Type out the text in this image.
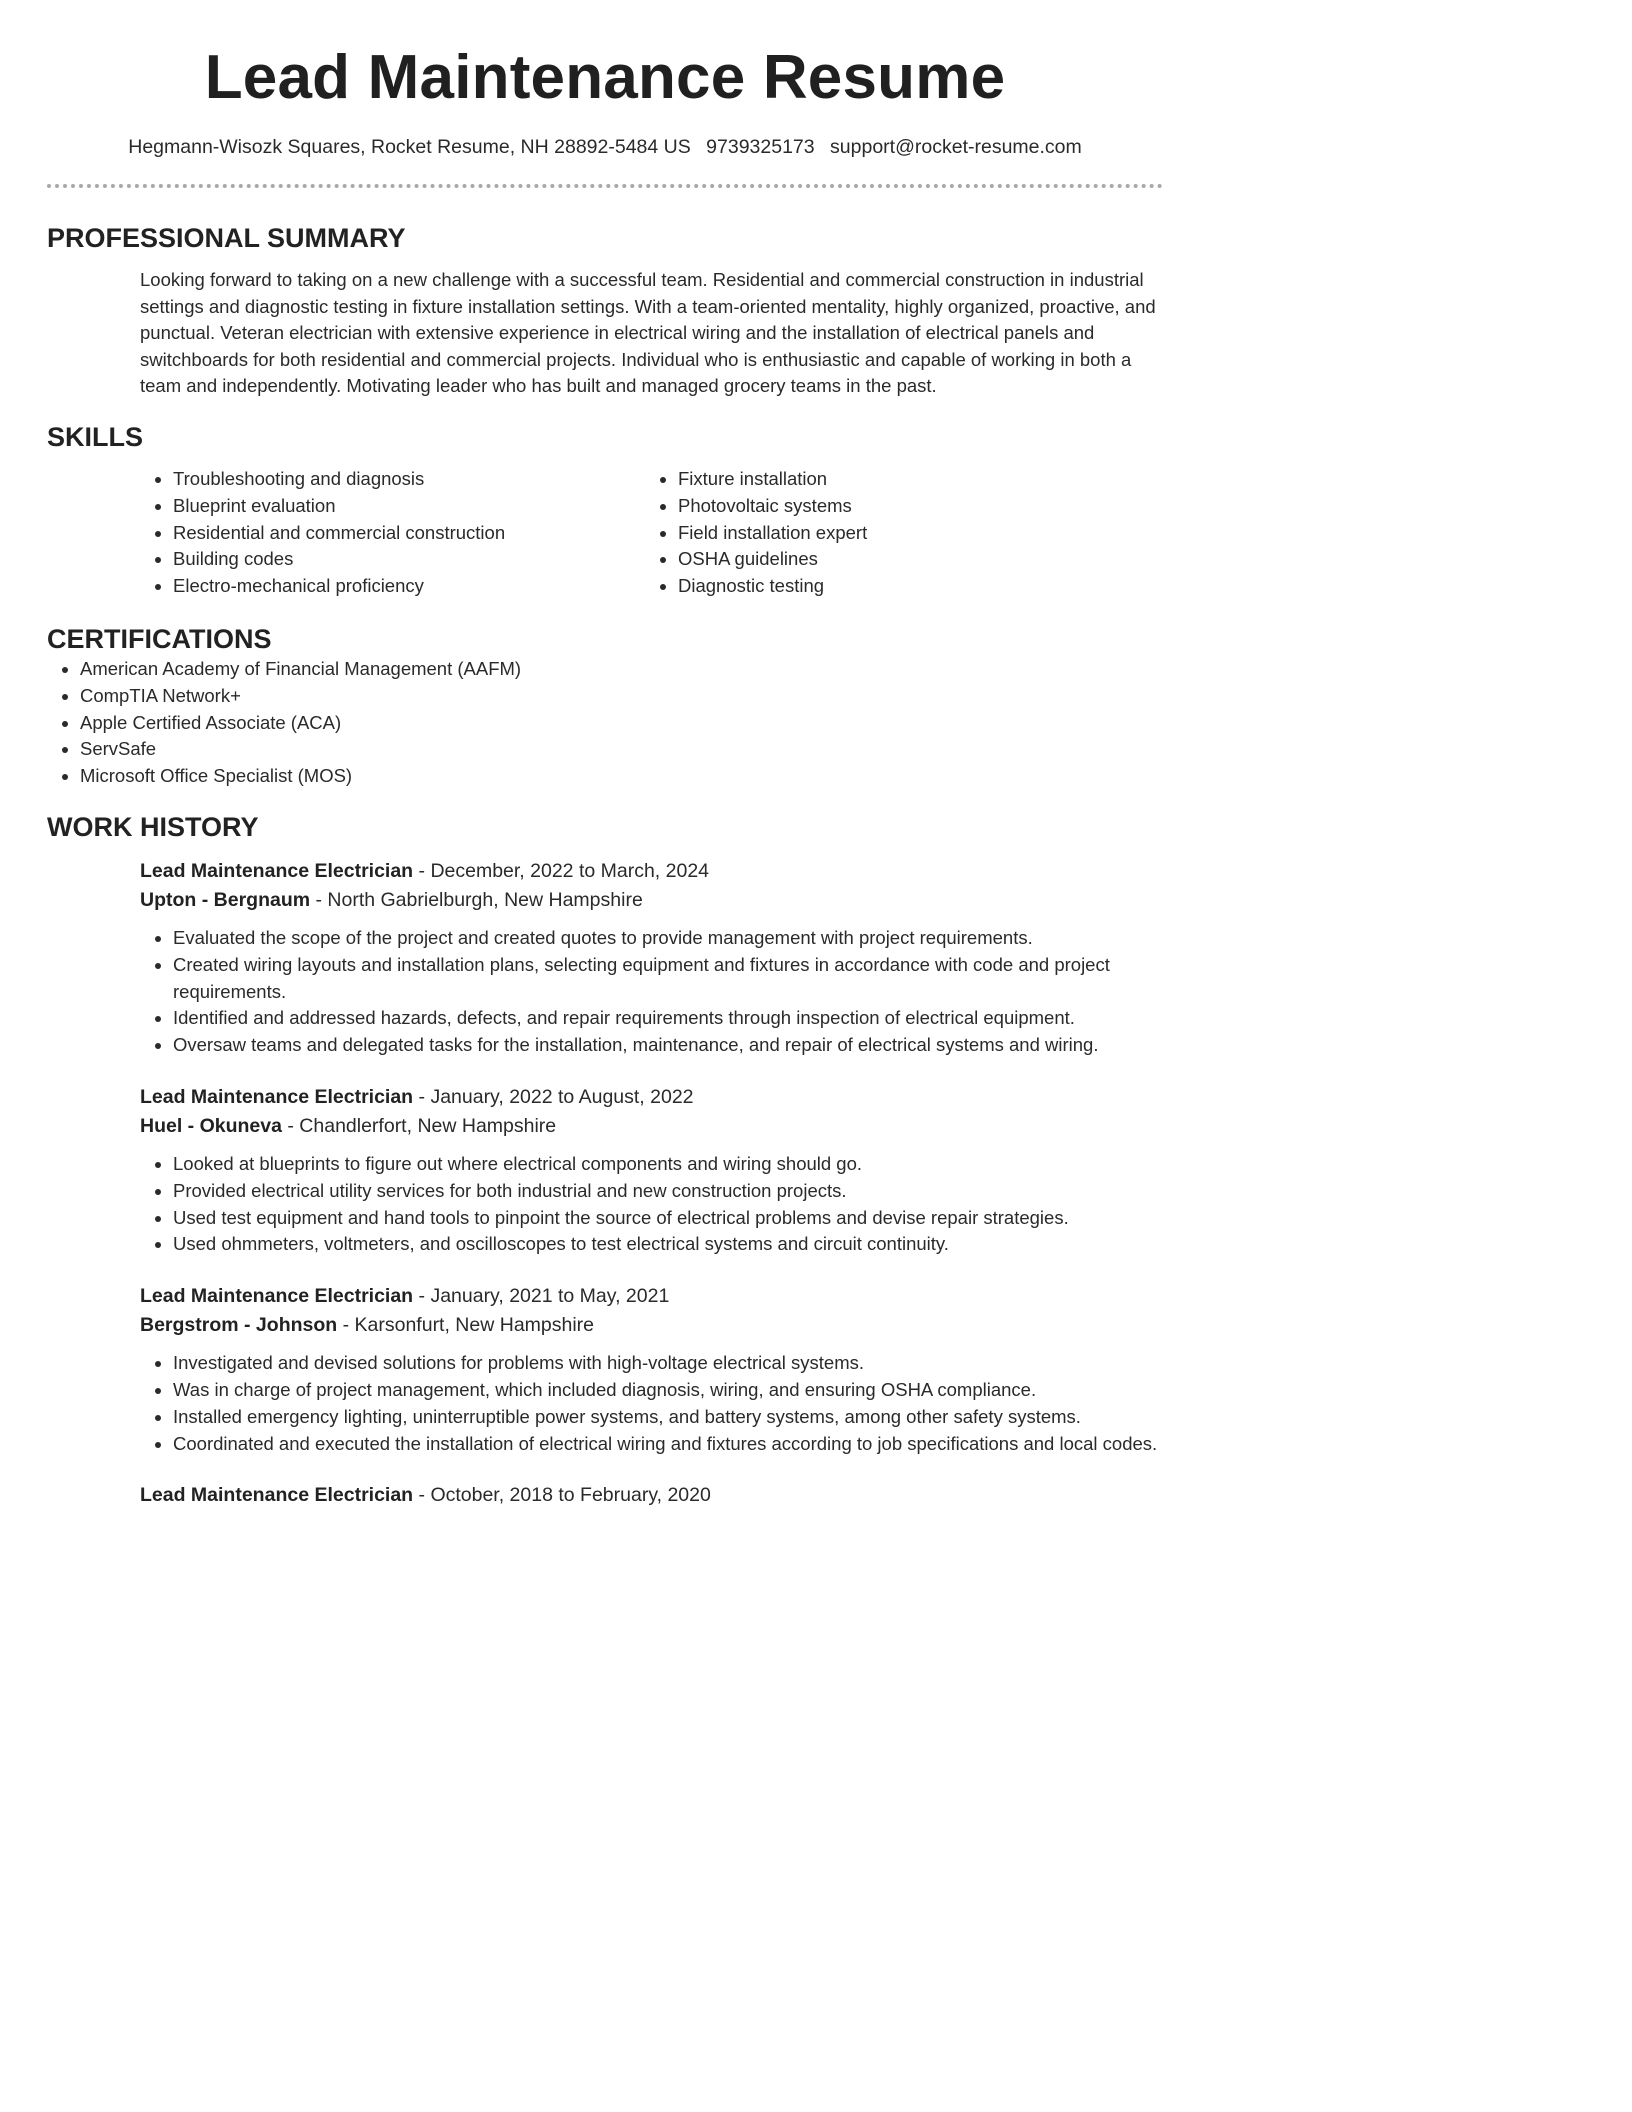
Lead Maintenance Resume
Hegmann-Wisozk Squares, Rocket Resume, NH 28892-5484 US 9739325173 support@rocket-resume.com
PROFESSIONAL SUMMARY

Looking forward to taking on a new challenge with a successful team. Residential and commercial construction in industrial settings and diagnostic testing in fixture installation settings. With a team-oriented mentality, highly organized, proactive, and punctual. Veteran electrician with extensive experience in electrical wiring and the installation of electrical panels and switchboards for both residential and commercial projects. Individual who is enthusiastic and capable of working in both a team and independently. Motivating leader who has built and managed grocery teams in the past.

SKILLS
• Troubleshooting and diagnosis
• Blueprint evaluation
• Residential and commercial construction
• Building codes
• Electro-mechanical proficiency
• Fixture installation
• Photovoltaic systems
• Field installation expert
• OSHA guidelines
• Diagnostic testing
CERTIFICATIONS
• American Academy of Financial Management (AAFM)
• CompTIA Network+
• Apple Certified Associate (ACA)
• ServSafe
• Microsoft Office Specialist (MOS)
WORK HISTORY
Lead Maintenance Electrician - December, 2022 to March, 2024
Upton - Bergnaum - North Gabrielburgh, New Hampshire
• Evaluated the scope of the project and created quotes to provide management with project requirements.
• Created wiring layouts and installation plans, selecting equipment and fixtures in accordance with code and project requirements.
• Identified and addressed hazards, defects, and repair requirements through inspection of electrical equipment.
• Oversaw teams and delegated tasks for the installation, maintenance, and repair of electrical systems and wiring.
Lead Maintenance Electrician - January, 2022 to August, 2022
Huel - Okuneva - Chandlerfort, New Hampshire
• Looked at blueprints to figure out where electrical components and wiring should go.
• Provided electrical utility services for both industrial and new construction projects.
• Used test equipment and hand tools to pinpoint the source of electrical problems and devise repair strategies.
• Used ohmmeters, voltmeters, and oscilloscopes to test electrical systems and circuit continuity.
Lead Maintenance Electrician - January, 2021 to May, 2021
Bergstrom - Johnson - Karsonfurt, New Hampshire
• Investigated and devised solutions for problems with high-voltage electrical systems.
• Was in charge of project management, which included diagnosis, wiring, and ensuring OSHA compliance.
• Installed emergency lighting, uninterruptible power systems, and battery systems, among other safety systems.
• Coordinated and executed the installation of electrical wiring and fixtures according to job specifications and local codes.
Lead Maintenance Electrician - October, 2018 to February, 2020
